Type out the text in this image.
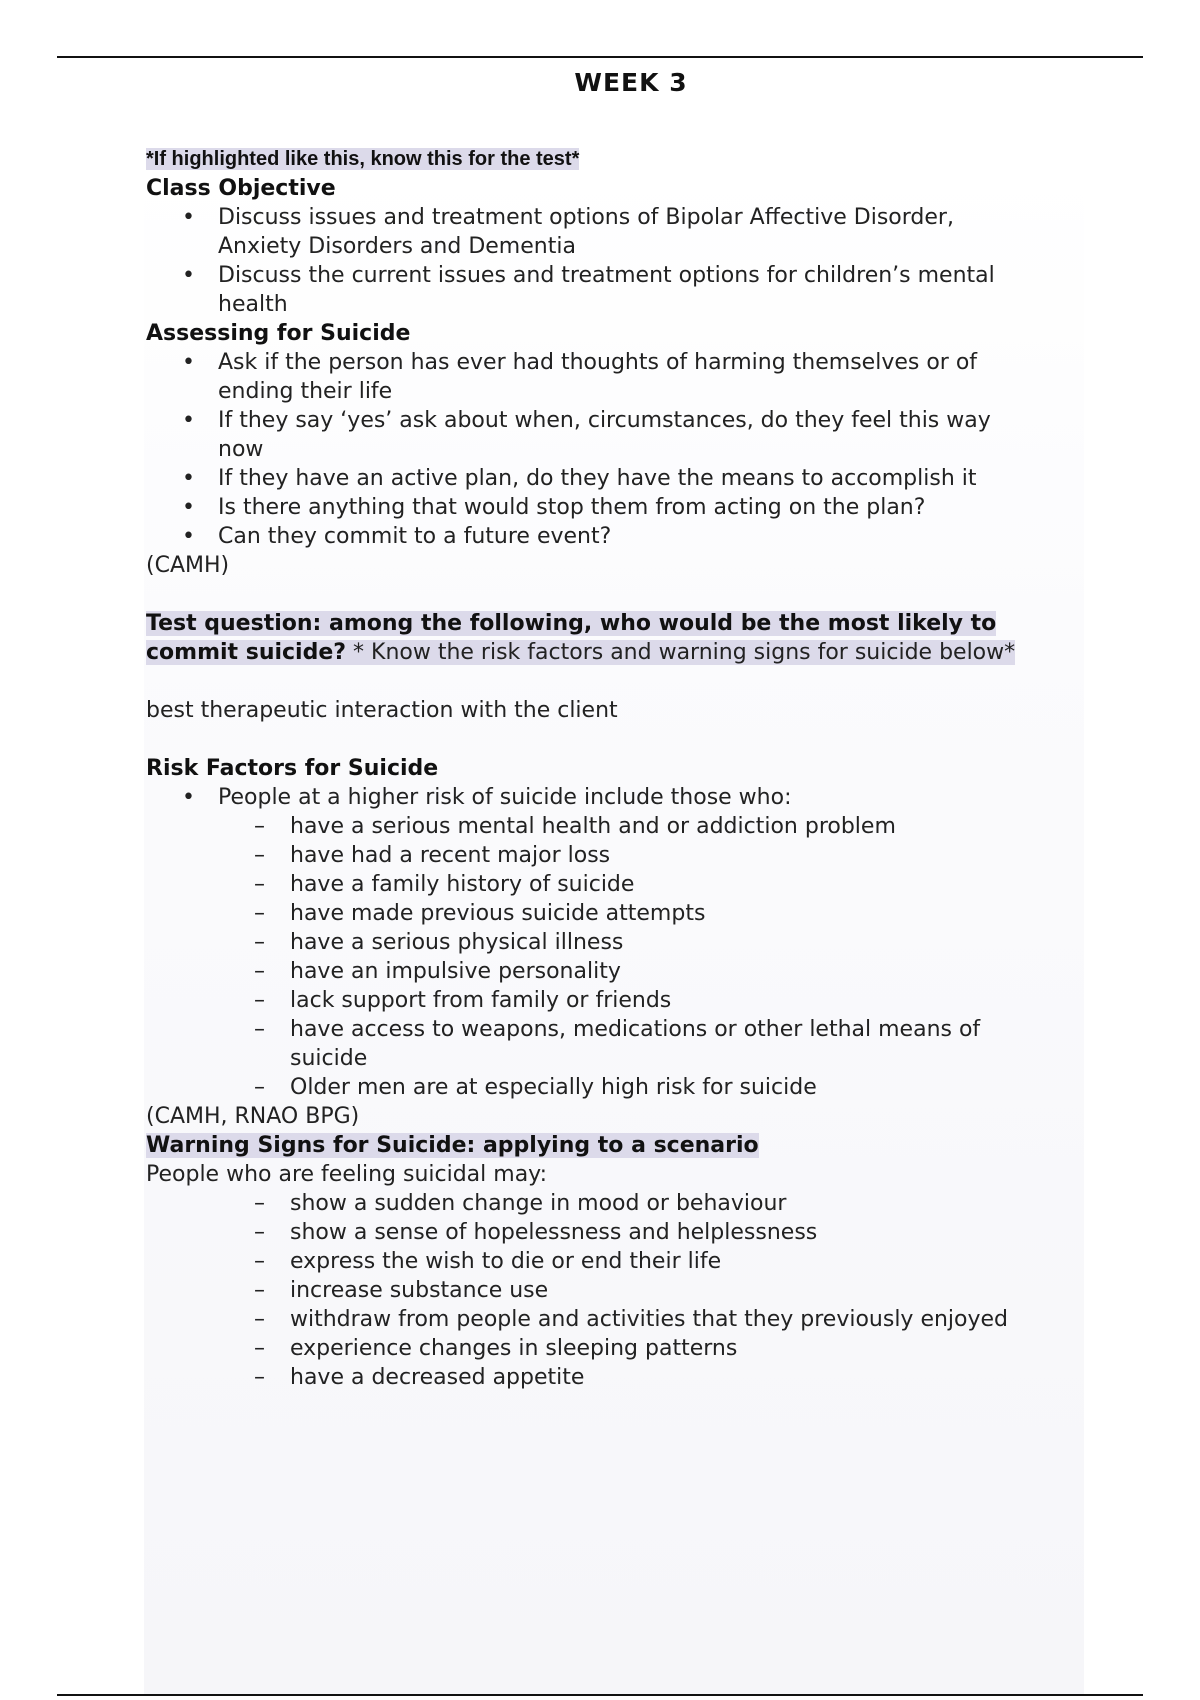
WEEK 3
*If highlighted like this, know this for the test*
Class Objective
• Discuss issues and treatment options of Bipolar Affective Disorder,
Anxiety Disorders and Dementia
• Discuss the current issues and treatment options for children’s mental
health
Assessing for Suicide
• Ask if the person has ever had thoughts of harming themselves or of
ending their life
• If they say ‘yes’ ask about when, circumstances, do they feel this way
now
• If they have an active plan, do they have the means to accomplish it
• Is there anything that would stop them from acting on the plan?
• Can they commit to a future event?
(CAMH)
Test question: among the following, who would be the most likely to
commit suicide? * Know the risk factors and warning signs for suicide below*
best therapeutic interaction with the client
Risk Factors for Suicide
• People at a higher risk of suicide include those who:
– have a serious mental health and or addiction problem
– have had a recent major loss
– have a family history of suicide
– have made previous suicide attempts
– have a serious physical illness
– have an impulsive personality
– lack support from family or friends
– have access to weapons, medications or other lethal means of
suicide
– Older men are at especially high risk for suicide
(CAMH, RNAO BPG)
Warning Signs for Suicide: applying to a scenario
People who are feeling suicidal may:
– show a sudden change in mood or behaviour
– show a sense of hopelessness and helplessness
– express the wish to die or end their life
– increase substance use
– withdraw from people and activities that they previously enjoyed
– experience changes in sleeping patterns
– have a decreased appetite
